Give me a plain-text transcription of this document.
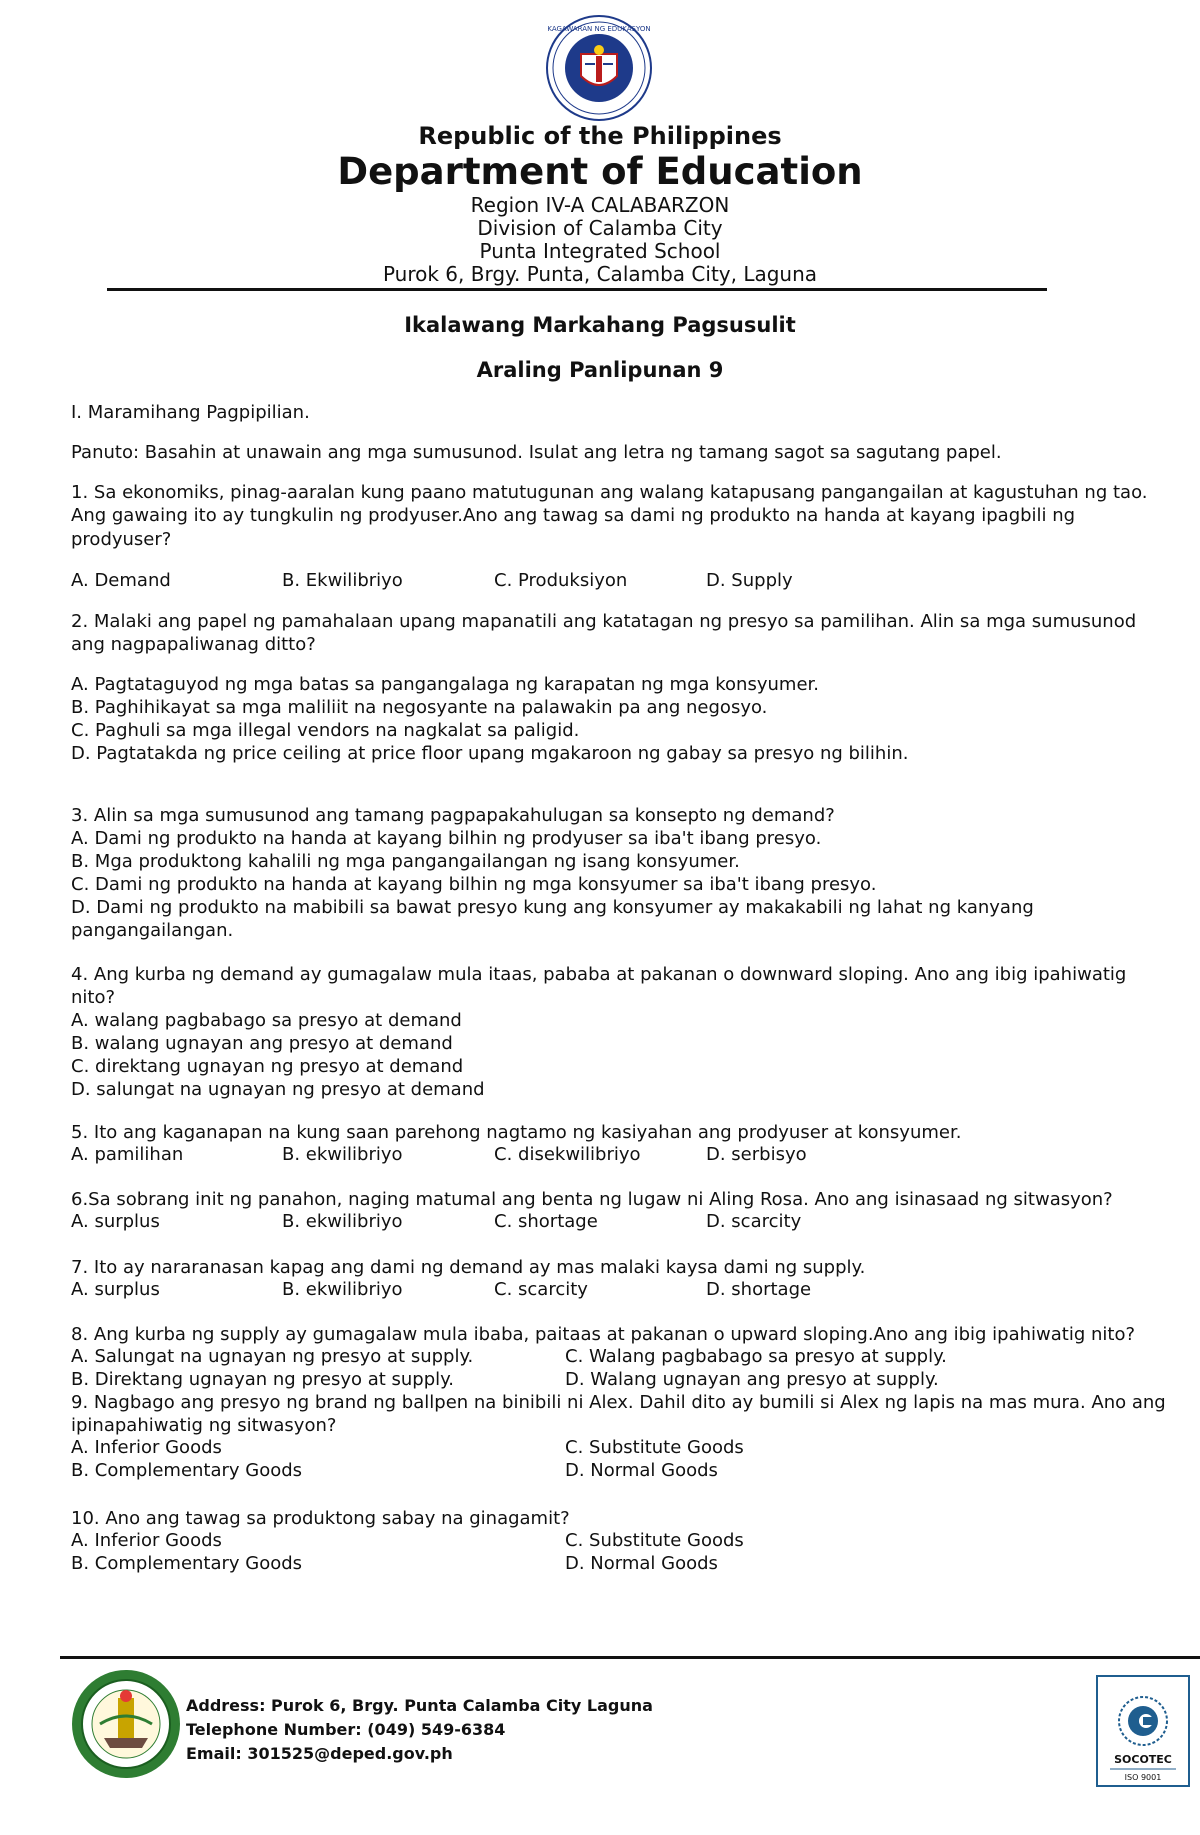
KAGAWARAN NG EDUKASYON
Republic of the Philippines
Department of Education
Region IV-A CALABARZON
Division of Calamba City
Punta Integrated School
Purok 6, Brgy. Punta, Calamba City, Laguna
Ikalawang Markahang Pagsusulit
Araling Panlipunan 9
I. Maramihang Pagpipilian.
Panuto: Basahin at unawain ang mga sumusunod. Isulat ang letra ng tamang sagot sa sagutang papel.
1. Sa ekonomiks, pinag-aaralan kung paano matutugunan ang walang katapusang pangangailan at kagustuhan ng tao.
Ang gawaing ito ay tungkulin ng prodyuser.Ano ang tawag sa dami ng produkto na handa at kayang ipagbili ng
prodyuser?
A. Demand	B. Ekwilibriyo	C. Produksiyon	D. Supply
2. Malaki ang papel ng pamahalaan upang mapanatili ang katatagan ng presyo sa pamilihan. Alin sa mga sumusunod
ang nagpapaliwanag ditto?
A. Pagtataguyod ng mga batas sa pangangalaga ng karapatan ng mga konsyumer.
B. Paghihikayat sa mga maliliit na negosyante na palawakin pa ang negosyo.
C. Paghuli sa mga illegal vendors na nagkalat sa paligid.
D. Pagtatakda ng price ceiling at price floor upang mgakaroon ng gabay sa presyo ng bilihin.
3. Alin sa mga sumusunod ang tamang pagpapakahulugan sa konsepto ng demand?
A. Dami ng produkto na handa at kayang bilhin ng prodyuser sa iba't ibang presyo.
B. Mga produktong kahalili ng mga pangangailangan ng isang konsyumer.
C. Dami ng produkto na handa at kayang bilhin ng mga konsyumer sa iba't ibang presyo.
D. Dami ng produkto na mabibili sa bawat presyo kung ang konsyumer ay makakabili ng lahat ng kanyang
pangangailangan.
4. Ang kurba ng demand ay gumagalaw mula itaas, pababa at pakanan o downward sloping. Ano ang ibig ipahiwatig
nito?
A. walang pagbabago sa presyo at demand
B. walang ugnayan ang presyo at demand
C. direktang ugnayan ng presyo at demand
D. salungat na ugnayan ng presyo at demand
5. Ito ang kaganapan na kung saan parehong nagtamo ng kasiyahan ang prodyuser at konsyumer.
A. pamilihan	B. ekwilibriyo	C. disekwilibriyo	D. serbisyo
6.Sa sobrang init ng panahon, naging matumal ang benta ng lugaw ni Aling Rosa. Ano ang isinasaad ng sitwasyon?
A. surplus	B. ekwilibriyo	C. shortage	D. scarcity
7. Ito ay nararanasan kapag ang dami ng demand ay mas malaki kaysa dami ng supply.
A. surplus	B. ekwilibriyo	C. scarcity	D. shortage
8. Ang kurba ng supply ay gumagalaw mula ibaba, paitaas at pakanan o upward sloping.Ano ang ibig ipahiwatig nito?
A. Salungat na ugnayan ng presyo at supply.	C. Walang pagbabago sa presyo at supply.
B. Direktang ugnayan ng presyo at supply.	D. Walang ugnayan ang presyo at supply.
9. Nagbago ang presyo ng brand ng ballpen na binibili ni Alex. Dahil dito ay bumili si Alex ng lapis na mas mura. Ano ang
ipinapahiwatig ng sitwasyon?
A. Inferior Goods	C. Substitute Goods
B. Complementary Goods	D. Normal Goods
10. Ano ang tawag sa produktong sabay na ginagamit?
A. Inferior Goods	C. Substitute Goods
B. Complementary Goods	D. Normal Goods
Address: Purok 6, Brgy. Punta Calamba City Laguna
Telephone Number: (049) 549-6384
Email: 301525@deped.gov.ph	SOCOTEC
ISO 9001
